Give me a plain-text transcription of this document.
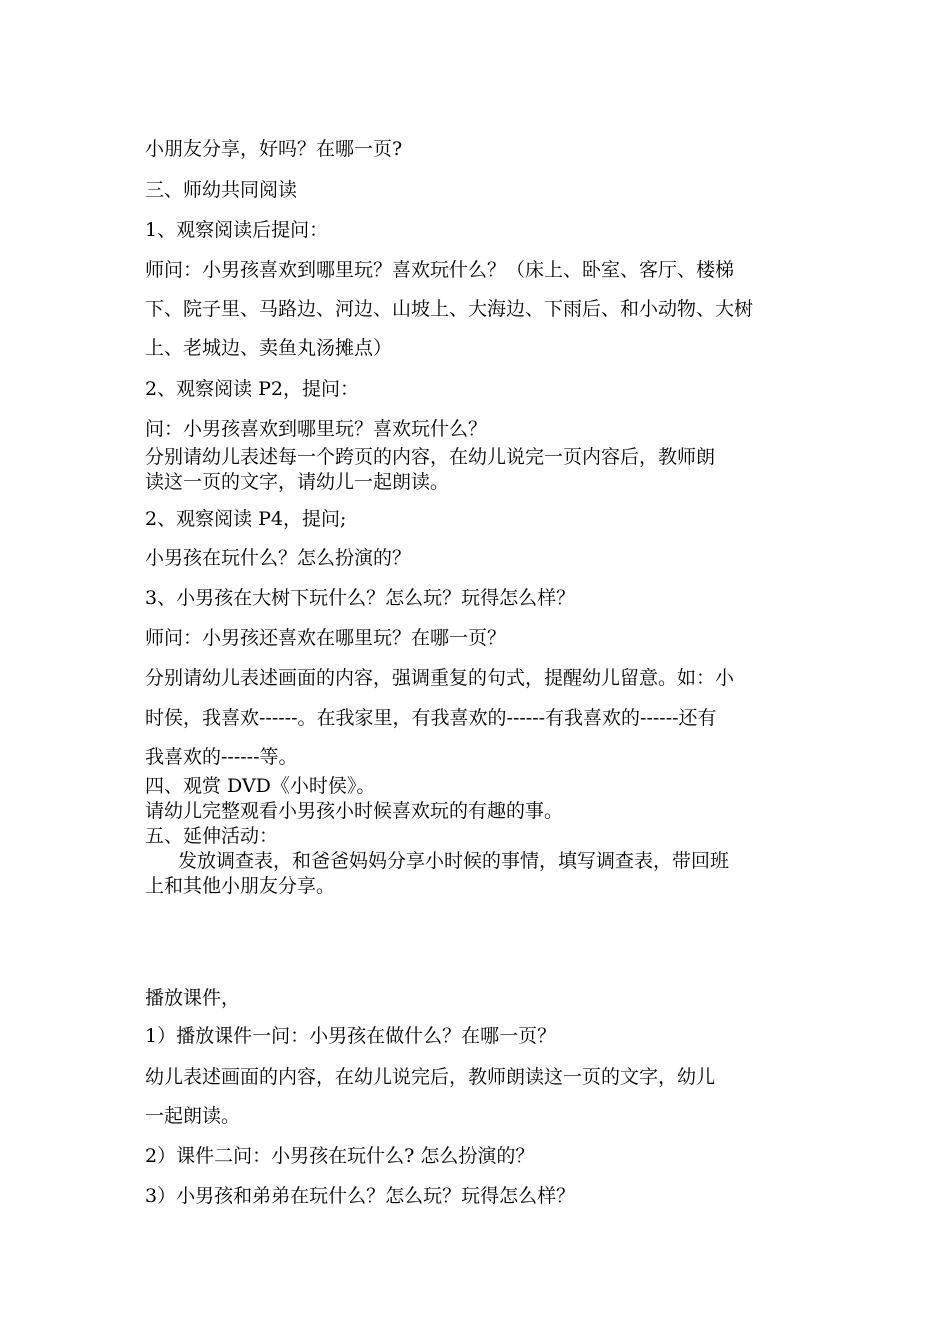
小朋友分享，好吗？在哪一页?
三、师幼共同阅读
1、观察阅读后提问：
师问：小男孩喜欢到哪里玩？喜欢玩什么？（床上、卧室、客厅、楼梯
下、院子里、马路边、河边、山坡上、大海边、下雨后、和小动物、大树
上、老城边、卖鱼丸汤摊点）
2、观察阅读 P2，提问：
问：小男孩喜欢到哪里玩？喜欢玩什么？
分别请幼儿表述每一个跨页的内容，在幼儿说完一页内容后，教师朗
读这一页的文字，请幼儿一起朗读。
2、观察阅读 P4，提问;
小男孩在玩什么？怎么扮演的？
3、小男孩在大树下玩什么？怎么玩？玩得怎么样？
师问：小男孩还喜欢在哪里玩？在哪一页？
分别请幼儿表述画面的内容，强调重复的句式，提醒幼儿留意。如：小
时侯，我喜欢------。在我家里，有我喜欢的------有我喜欢的------还有
我喜欢的------等。
四、观赏 DVD《小时侯》。
请幼儿完整观看小男孩小时候喜欢玩的有趣的事。
五、延伸活动：
发放调查表，和爸爸妈妈分享小时候的事情，填写调查表，带回班
上和其他小朋友分享。
播放课件，
1）播放课件一问：小男孩在做什么？在哪一页？
幼儿表述画面的内容，在幼儿说完后，教师朗读这一页的文字，幼儿
一起朗读。
2）课件二问：小男孩在玩什么? 怎么扮演的？
3）小男孩和弟弟在玩什么？怎么玩？玩得怎么样？
